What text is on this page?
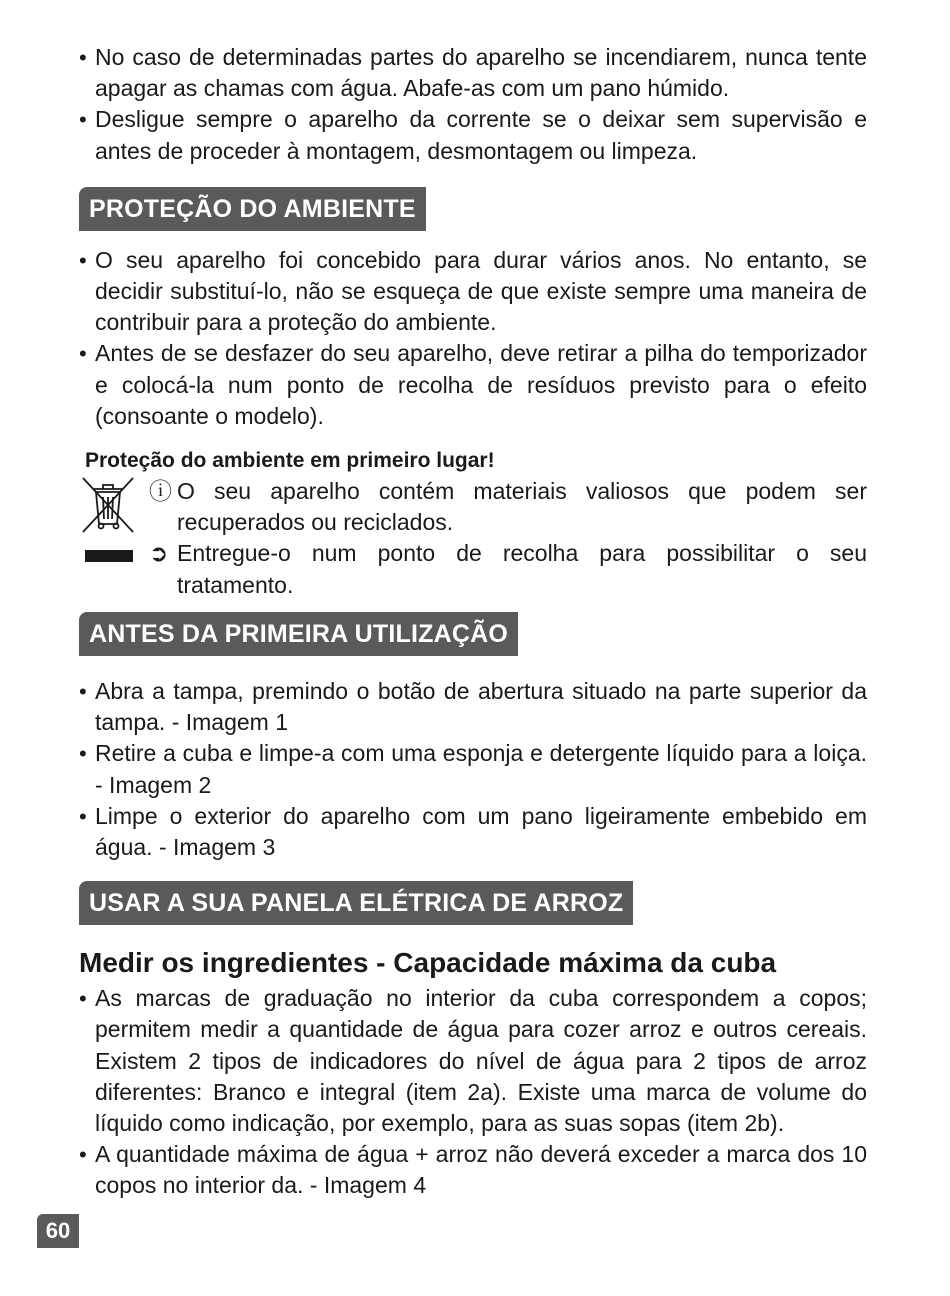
• No caso de determinadas partes do aparelho se incendiarem, nunca tente apagar as chamas com água. Abafe-as com um pano húmido.
• Desligue sempre o aparelho da corrente se o deixar sem supervisão e antes de proceder à montagem, desmontagem ou limpeza.
PROTEÇÃO DO AMBIENTE
• O seu aparelho foi concebido para durar vários anos. No entanto, se decidir substituí-lo, não se esqueça de que existe sempre uma maneira de contribuir para a proteção do ambiente.
• Antes de se desfazer do seu aparelho, deve retirar a pilha do temporizador e colocá-la num ponto de recolha de resíduos previsto para o efeito (consoante o modelo).
Proteção do ambiente em primeiro lugar!
ⓘ O seu aparelho contém materiais valiosos que podem ser recuperados ou reciclados.
➲ Entregue-o num ponto de recolha para possibilitar o seu tratamento.
ANTES DA PRIMEIRA UTILIZAÇÃO
• Abra a tampa, premindo o botão de abertura situado na parte superior da tampa. - Imagem 1
• Retire a cuba e limpe-a com uma esponja e detergente líquido para a loiça. - Imagem 2
• Limpe o exterior do aparelho com um pano ligeiramente embebido em água. - Imagem 3
USAR A SUA PANELA ELÉTRICA DE ARROZ
Medir os ingredientes - Capacidade máxima da cuba
• As marcas de graduação no interior da cuba correspondem a copos; permitem medir a quantidade de água para cozer arroz e outros cereais. Existem 2 tipos de indicadores do nível de água para 2 tipos de arroz diferentes: Branco e integral (item 2a). Existe uma marca de volume do líquido como indicação, por exemplo, para as suas sopas (item 2b).
• A quantidade máxima de água + arroz não deverá exceder a marca dos 10 copos no interior da. - Imagem 4
60
